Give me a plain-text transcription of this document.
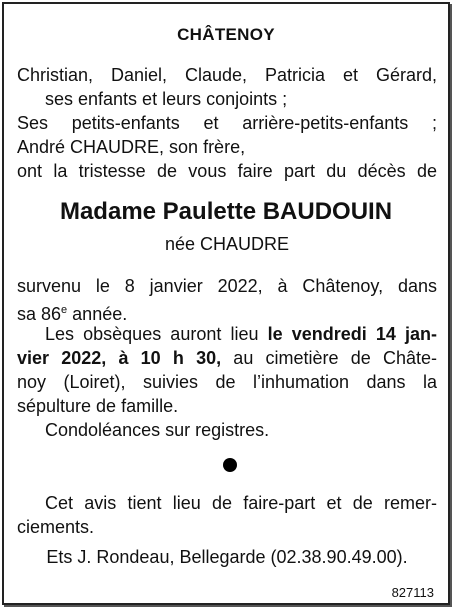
CHÂTENOY
Christian, Daniel, Claude, Patricia et Gérard,
ses enfants et leurs conjoints ;
Ses petits-enfants et arrière-petits-enfants ;
André CHAUDRE, son frère,
ont la tristesse de vous faire part du décès de
Madame Paulette BAUDOUIN
née CHAUDRE
survenu le 8 janvier 2022, à Châtenoy, dans
sa 86e année.
Les obsèques auront lieu le vendredi 14 jan-
vier 2022, à 10 h 30, au cimetière de Châte-
noy (Loiret), suivies de l’inhumation dans la
sépulture de famille.
Condoléances sur registres.
Cet avis tient lieu de faire-part et de remer-
ciements.
Ets J. Rondeau, Bellegarde (02.38.90.49.00).
827113
